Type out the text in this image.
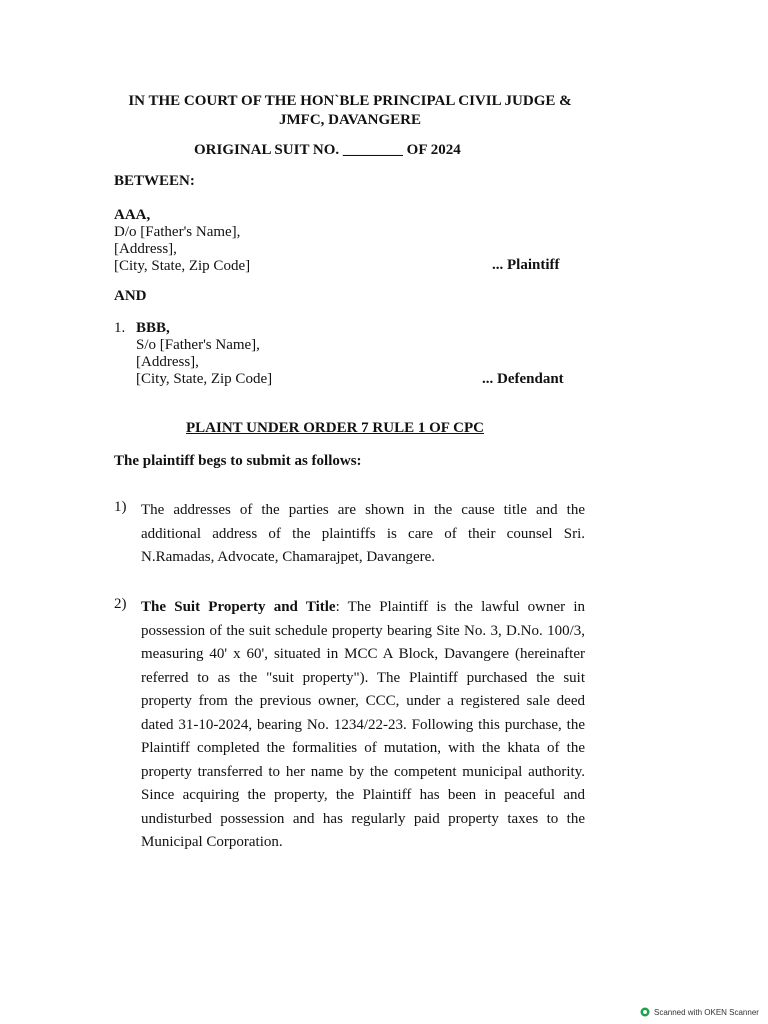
IN THE COURT OF THE HON`BLE PRINCIPAL CIVIL JUDGE & JMFC, DAVANGERE
ORIGINAL SUIT NO. ________ OF 2024
BETWEEN:
AAA,
D/o [Father's Name],
[Address],
[City, State, Zip Code]	... Plaintiff
AND
1. BBB,
S/o [Father's Name],
[Address],
[City, State, Zip Code]	... Defendant
PLAINT UNDER ORDER 7 RULE 1 OF CPC
The plaintiff begs to submit as follows:
1) The addresses of the parties are shown in the cause title and the additional address of the plaintiffs is care of their counsel Sri. N.Ramadas, Advocate, Chamarajpet, Davangere.
2) The Suit Property and Title: The Plaintiff is the lawful owner in possession of the suit schedule property bearing Site No. 3, D.No. 100/3, measuring 40' x 60', situated in MCC A Block, Davangere (hereinafter referred to as the "suit property"). The Plaintiff purchased the suit property from the previous owner, CCC, under a registered sale deed dated 31-10-2024, bearing No. 1234/22-23. Following this purchase, the Plaintiff completed the formalities of mutation, with the khata of the property transferred to her name by the competent municipal authority. Since acquiring the property, the Plaintiff has been in peaceful and undisturbed possession and has regularly paid property taxes to the Municipal Corporation.
Scanned with OKEN Scanner
